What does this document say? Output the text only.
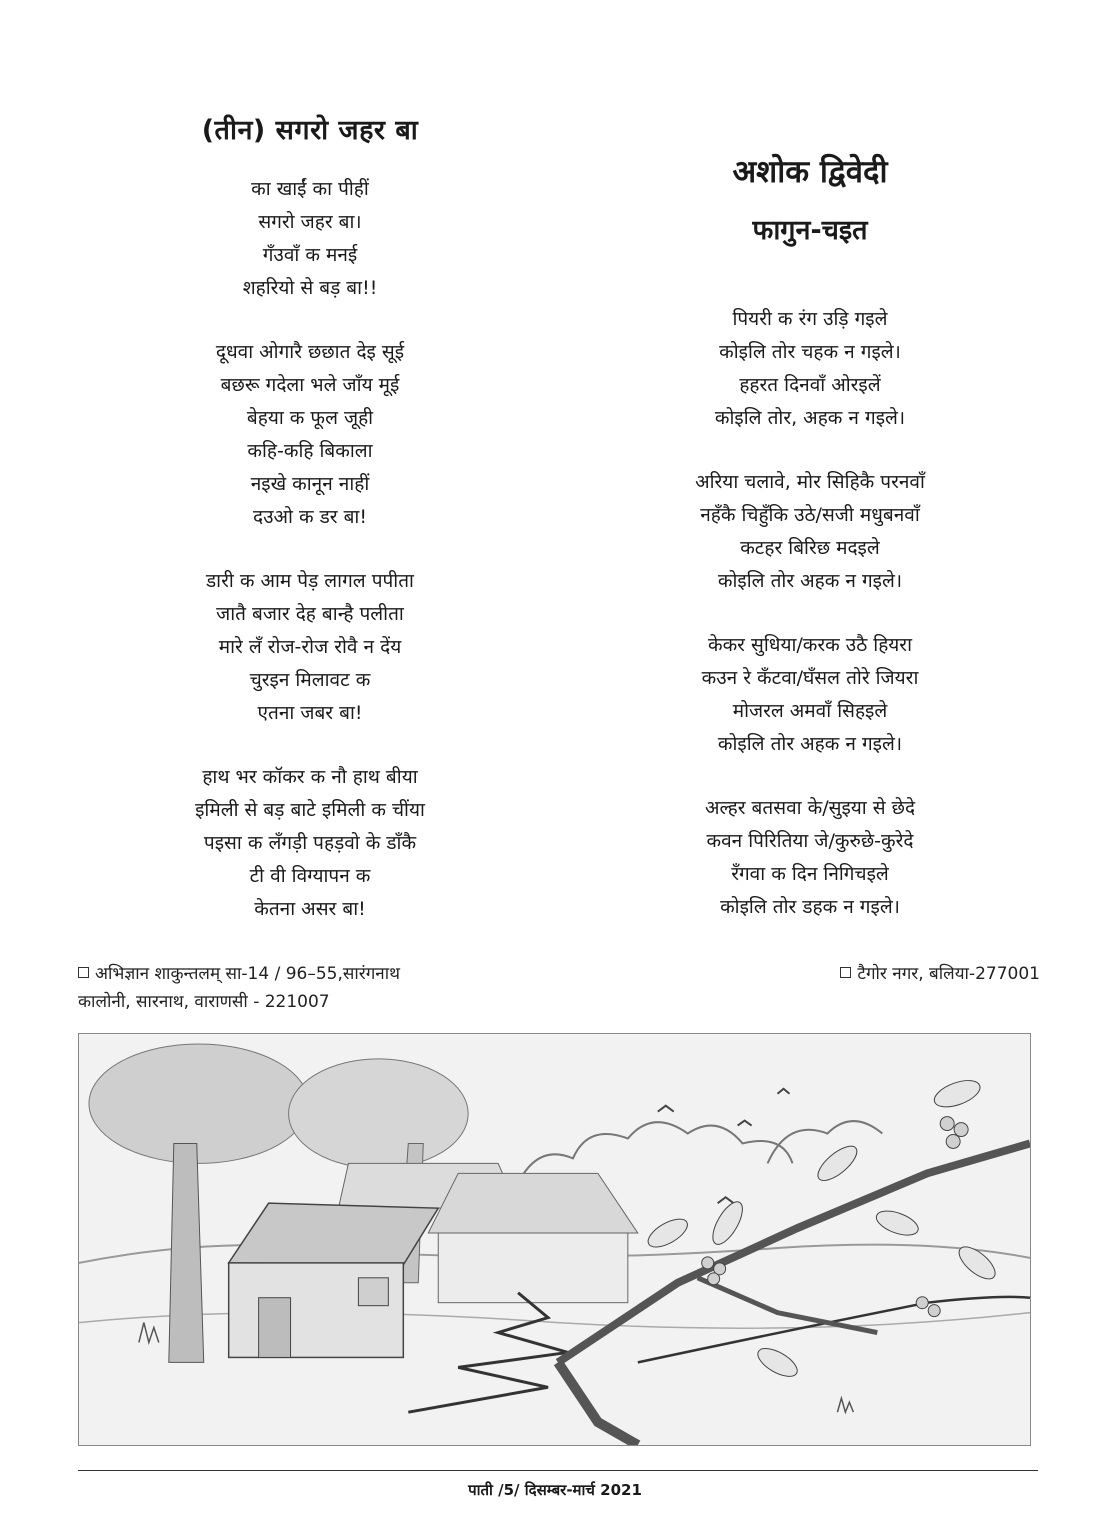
(तीन) सगरो जहर बा
का खाईं का पीहीं
सगरो जहर बा।
गँउवाँ क मनई
शहरियो से बड़ बा!!
दूधवा ओगारै छछात देइ सूई
बछरू गदेला भले जाँय मूई
बेहया क फूल जूही
कहि-कहि बिकाला
नइखे कानून नाहीं
दउओ क डर बा!
डारी क आम पेड़ लागल पपीता
जातै बजार देह बान्है पलीता
मारे लँ रोज-रोज रोवै न देंय
चुरइन मिलावट क
एतना जबर बा!
हाथ भर कॉकर क नौ हाथ बीया
इमिली से बड़ बाटे इमिली क चींया
पइसा क लँगड़ी पहड़वो के डाँकै
टी वी विग्यापन क
केतना असर बा!
अशोक द्विवेदी
फागुन-चइत
पियरी क रंग उड़ि गइले
कोइलि तोर चहक न गइले।
हहरत दिनवाँ ओरइलें
कोइलि तोर, अहक न गइले।
अरिया चलावे, मोर सिहिकै परनवाँ
नहँकै चिहुँकि उठे/सजी मधुबनवाँ
कटहर बिरिछ मदइले
कोइलि तोर अहक न गइले।
केकर सुधिया/करक उठै हियरा
कउन रे कँटवा/घँसल तोरे जियरा
मोजरल अमवाँ सिहइले
कोइलि तोर अहक न गइले।
अल्हर बतसवा के/सुइया से छेदे
कवन पिरितिया जे/कुरुछे-कुरेदे
रँगवा क दिन निगिचइले
कोइलि तोर डहक न गइले।
अभिज्ञान शाकुन्तलम् सा-14 / 96–55,सारंगनाथ
कालोनी, सारनाथ, वाराणसी - 221007
टैगोर नगर, बलिया-277001
पाती /5/ दिसम्बर-मार्च 2021
